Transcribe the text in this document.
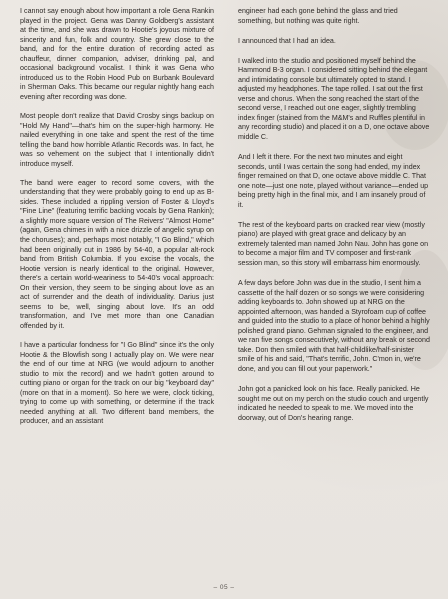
I cannot say enough about how important a role Gena Rankin played in the project. Gena was Danny Goldberg's assistant at the time, and she was drawn to Hootie's joyous mixture of sincerity and fun, folk and country. She grew close to the band, and for the entire duration of recording acted as chauffeur, dinner companion, adviser, drinking pal, and occasional background vocalist. I think it was Gena who introduced us to the Robin Hood Pub on Burbank Boulevard in Sherman Oaks. This became our regular nightly hang each evening after recording was done.

Most people don't realize that David Crosby sings backup on "Hold My Hand"—that's him on the super-high harmony. He nailed everything in one take and spent the rest of the time telling the band how horrible Atlantic Records was. In fact, he was so vehement on the subject that I intentionally didn't introduce myself.

The band were eager to record some covers, with the understanding that they were probably going to end up as B-sides. These included a rippling version of Foster & Lloyd's "Fine Line" (featuring terrific backing vocals by Gena Rankin); a slightly more square version of The Reivers' "Almost Home" (again, Gena chimes in with a nice drizzle of angelic syrup on the choruses); and, perhaps most notably, "I Go Blind," which had been originally cut in 1986 by 54-40, a popular alt-rock band from British Columbia. If you excise the vocals, the Hootie version is nearly identical to the original. However, there's a certain world-weariness to 54-40's vocal approach: On their version, they seem to be singing about love as an act of surrender and the death of individuality. Darius just seems to be, well, singing about love. It's an odd transformation, and I've met more than one Canadian offended by it.

I have a particular fondness for "I Go Blind" since it's the only Hootie & the Blowfish song I actually play on. We were near the end of our time at NRG (we would adjourn to another studio to mix the record) and we hadn't gotten around to cutting piano or organ for the track on our big "keyboard day" (more on that in a moment). So here we were, clock ticking, trying to come up with something, or determine if the track needed anything at all. Two different band members, the producer, and an assistant

engineer had each gone behind the glass and tried something, but nothing was quite right.

I announced that I had an idea.

I walked into the studio and positioned myself behind the Hammond B-3 organ. I considered sitting behind the elegant and intimidating console but ultimately opted to stand. I adjusted my headphones. The tape rolled. I sat out the first verse and chorus. When the song reached the start of the second verse, I reached out one eager, slightly trembling index finger (stained from the M&M's and Ruffles plentiful in any recording studio) and placed it on a D, one octave above middle C.

And I left it there. For the next two minutes and eight seconds, until I was certain the song had ended, my index finger remained on that D, one octave above middle C. That one note—just one note, played without variance—ended up being pretty high in the final mix, and I am insanely proud of it.

The rest of the keyboard parts on cracked rear view (mostly piano) are played with great grace and delicacy by an extremely talented man named John Nau. John has gone on to become a major film and TV composer and first-rank session man, so this story will embarrass him enormously.

A few days before John was due in the studio, I sent him a cassette of the half dozen or so songs we were considering adding keyboards to. John showed up at NRG on the appointed afternoon, was handed a Styrofoam cup of coffee and guided into the studio to a place of honor behind a highly polished grand piano. Gehman signaled to the engineer, and we ran five songs consecutively, without any break or second take. Don then smiled with that half-childlike/half-sinister smile of his and said, "That's terrific, John. C'mon in, we're done, and you can fill out your paperwork."

John got a panicked look on his face. Really panicked. He sought me out on my perch on the studio couch and urgently indicated he needed to speak to me. We moved into the doorway, out of Don's hearing range.

– 05 –
